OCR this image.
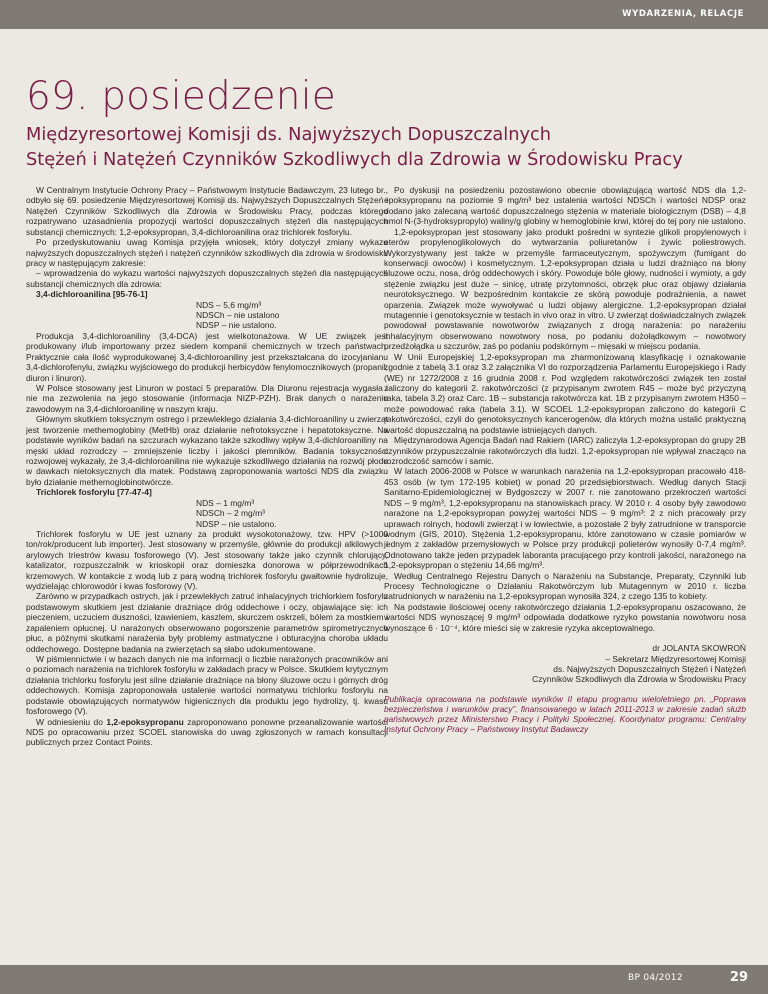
WYDARZENIA, RELACJE
69. posiedzenie
Międzyresortowej Komisji ds. Najwyższych Dopuszczalnych
Stężeń i Natężeń Czynników Szkodliwych dla Zdrowia w Środowisku Pracy

W Centralnym Instytucie Ochrony Pracy – Państwowym Instytucie Badawczym, 23 lutego br., odbyło się 69. posiedzenie Międzyresortowej Komisji ds. Najwyższych Dopuszczalnych Stężeń i Natężeń Czynników Szkodliwych dla Zdrowia w Środowisku Pracy, podczas którego rozpatrywano uzasadnienia propozycji wartości dopuszczalnych stężeń dla następujących substancji chemicznych: 1,2-epoksypropan, 3,4-dichloroanilina oraz trichlorek fosforylu.

Po przedyskutowaniu uwag Komisja przyjęła wniosek, który dotyczył zmiany wykazu najwyższych dopuszczalnych stężeń i natężeń czynników szkodliwych dla zdrowia w środowisku pracy w następującym zakresie:

– wprowadzenia do wykazu wartości najwyższych dopuszczalnych stężeń dla następujących substancji chemicznych dla zdrowia:

3,4-dichloroanilina [95-76-1]

NDS – 5,6 mg/m³
NDSCh – nie ustalono
NDSP – nie ustalono.

Produkcja 3,4-dichloroaniliny (3,4-DCA) jest wielkotonażowa. W UE związek jest produkowany i/lub importowany przez siedem kompanii chemicznych w trzech państwach. Praktycznie cała ilość wyprodukowanej 3,4-dichloroaniliny jest przekształcana do izocyjanianu 3,4-dichlorofenylu, związku wyjściowego do produkcji herbicydów fenylomocznikowych (propanil, diuron i linuron).

W Polsce stosowany jest Linuron w postaci 5 preparatów. Dla Diuronu rejestracja wygasła i nie ma zezwolenia na jego stosowanie (informacja NIZP-PZH). Brak danych o narażeniu zawodowym na 3,4-dichloroanilinę w naszym kraju.

Głównym skutkiem toksycznym ostrego i przewlekłego działania 3,4-dichloroaniliny u zwierząt jest tworzenie methemoglobiny (MetHb) oraz działanie nefrotoksyczne i hepatotoksyczne. Na podstawie wyników badań na szczurach wykazano także szkodliwy wpływ 3,4-dichloroaniliny na męski układ rozrodczy – zmniejszenie liczby i jakości plemników. Badania toksyczności rozwojowej wykazały, że 3,4-dichloroanilina nie wykazuje szkodliwego działania na rozwój płodu w dawkach nietoksycznych dla matek. Podstawą zaproponowania wartości NDS dla związku było działanie methemoglobinotwórcze.

Trichlorek fosforylu [77-47-4]

NDS – 1 mg/m³
NDSCh – 2 mg/m³
NDSP – nie ustalono.

Trichlorek fosforylu w UE jest uznany za produkt wysokotonażowy, tzw. HPV (>1000 ton/rok/producent lub importer). Jest stosowany w przemyśle, głównie do produkcji alkilowych i arylowych triestrów kwasu fosforowego (V). Jest stosowany także jako czynnik chlorujący, katalizator, rozpuszczalnik w krioskopii oraz domieszka donorowa w półprzewodnikach krzemowych. W kontakcie z wodą lub z parą wodną trichlorek fosforylu gwałtownie hydrolizuje, wydzielając chlorowodór i kwas fosforowy (V).

Zarówno w przypadkach ostrych, jak i przewlekłych zatruć inhalacyjnych trichlorkiem fosforylu podstawowym skutkiem jest działanie drażniące dróg oddechowe i oczy, objawiające się: ich pieczeniem, uczuciem duszności, łzawieniem, kaszlem, skurczem oskrzeli, bólem za mostkiem i zapaleniem opłucnej. U narażonych obserwowano pogorszenie parametrów spirometrycznych płuc, a późnymi skutkami narażenia były problemy astmatyczne i obturacyjna choroba układu oddechowego. Dostępne badania na zwierzętach są słabo udokumentowane.

W piśmiennictwie i w bazach danych nie ma informacji o liczbie narażonych pracowników ani o poziomach narażenia na trichlorek fosforylu w zakładach pracy w Polsce. Skutkiem krytycznym działania trichlorku fosforylu jest silne działanie drażniące na błony śluzowe oczu i górnych dróg oddechowych. Komisja zaproponowała ustalenie wartości normatywu trichlorku fosforylu na podstawie obowiązujących normatywów higienicznych dla produktu jego hydrolizy, tj. kwasu fosforowego (V).

W odniesieniu do 1,2-epoksypropanu zaproponowano ponowne przeanalizowanie wartości NDS po opracowaniu przez SCOEL stanowiska do uwag zgłoszonych w ramach konsultacji publicznych przez Contact Points.

Po dyskusji na posiedzeniu pozostawiono obecnie obowiązującą wartość NDS dla 1,2-epoksypropanu na poziomie 9 mg/m³ bez ustalenia wartości NDSCh i wartości NDSP oraz dodano jako zalecaną wartość dopuszczalnego stężenia w materiale biologicznym (DSB) – 4,8 nmol N-(3-hydroksypropylo) waliny/g globiny w hemoglobinie krwi, której do tej pory nie ustalono.

1,2-epoksypropan jest stosowany jako produkt pośredni w syntezie glikoli propylenowych i eterów propylenoglikolowych do wytwarzania poliuretanów i żywic poliestrowych. Wykorzystywany jest także w przemyśle farmaceutycznym, spożywczym (fumigant do konserwacji owoców) i kosmetycznym. 1,2-epoksypropan działa u ludzi drażniąco na błony śluzowe oczu, nosa, dróg oddechowych i skóry. Powoduje bóle głowy, nudności i wymioty, a gdy stężenie związku jest duże – sinicę, utratę przytomności, obrzęk płuc oraz objawy działania neurotoksycznego. W bezpośrednim kontakcie ze skórą powoduje podrażnienia, a nawet oparzenia. Związek może wywoływać u ludzi objawy alergiczne. 1,2-epoksypropan działał mutagennie i genotoksycznie w testach in vivo oraz in vitro. U zwierząt doświadczalnych związek powodował powstawanie nowotworów związanych z drogą narażenia: po narażeniu inhalacyjnym obserwowano nowotwory nosa, po podaniu dożołądkowym – nowotwory przedżołądka u szczurów, zaś po podaniu podskórnym – mięsaki w miejscu podania.

W Unii Europejskiej 1,2-epoksypropan ma zharmonizowaną klasyfikację i oznakowanie zgodnie z tabelą 3.1 oraz 3.2 załącznika VI do rozporządzenia Parlamentu Europejskiego i Rady (WE) nr 1272/2008 z 16 grudnia 2008 r. Pod względem rakotwórczości związek ten został zaliczony do kategorii 2. rakotwórczości (z przypisanym zwrotem R45 – może być przyczyną raka, tabela 3.2) oraz Carc. 1B – substancja rakotwórcza kat. 1B z przypisanym zwrotem H350 – może powodować raka (tabela 3.1). W SCOEL 1,2-epoksypropan zaliczono do kategorii C rakotwórczości, czyli do genotoksycznych kancerogenów, dla których można ustalić praktyczną wartość dopuszczalną na podstawie istniejących danych.

Międzynarodowa Agencja Badań nad Rakiem (IARC) zaliczyła 1,2-epoksypropan do grupy 2B czynników przypuszczalnie rakotwórczych dla ludzi. 1,2-epoksypropan nie wpływał znacząco na rozrodczość samców i samic.

W latach 2006-2008 w Polsce w warunkach narażenia na 1,2-epoksypropan pracowało 418-453 osób (w tym 172-195 kobiet) w ponad 20 przedsiębiorstwach. Według danych Stacji Sanitarno-Epidemiologicznej w Bydgoszczy w 2007 r. nie zanotowano przekroczeń wartości NDS – 9 mg/m³, 1,2-epoksypropanu na stanowiskach pracy. W 2010 r. 4 osoby były zawodowo narażone na 1,2-epoksypropan powyżej wartości NDS – 9 mg/m³: 2 z nich pracowały przy uprawach rolnych, hodowli zwierząt i w łowiectwie, a pozostałe 2 były zatrudnione w transporcie wodnym (GIS, 2010). Stężenia 1,2-epoksypropanu, które zanotowano w czasie pomiarów w jednym z zakładów przemysłowych w Polsce przy produkcji polieterów wynosiły 0-7,4 mg/m³. Odnotowano także jeden przypadek laboranta pracującego przy kontroli jakości, narażonego na 1,2-epoksypropan o stężeniu 14,66 mg/m³.

Według Centralnego Rejestru Danych o Narażeniu na Substancje, Preparaty, Czynniki lub Procesy Technologiczne o Działaniu Rakotwórczym lub Mutagennym w 2010 r. liczba zatrudnionych w narażeniu na 1,2-epoksypropan wynosiła 324, z czego 135 to kobiety.

Na podstawie ilościowej oceny rakotwórczego działania 1,2-epoksypropanu oszacowano, że wartości NDS wynoszącej 9 mg/m³ odpowiada dodatkowe ryzyko powstania nowotworu nosa wynoszące 6 · 10⁻⁴, które mieści się w zakresie ryzyka akceptowalnego.

dr JOLANTA SKOWROŃ
– Sekretarz Międzyresortowej Komisji
ds. Najwyższych Dopuszczalnych Stężeń i Natężeń
Czynników Szkodliwych dla Zdrowia w Środowisku Pracy

Publikacja opracowana na podstawie wyników II etapu programu wieloletniego pn. „Poprawa bezpieczeństwa i warunków pracy”, finansowanego w latach 2011-2013 w zakresie zadań służb państwowych przez Ministerstwo Pracy i Polityki Społecznej. Koordynator programu: Centralny Instytut Ochrony Pracy – Państwowy Instytut Badawczy

BP 04/2012	29
